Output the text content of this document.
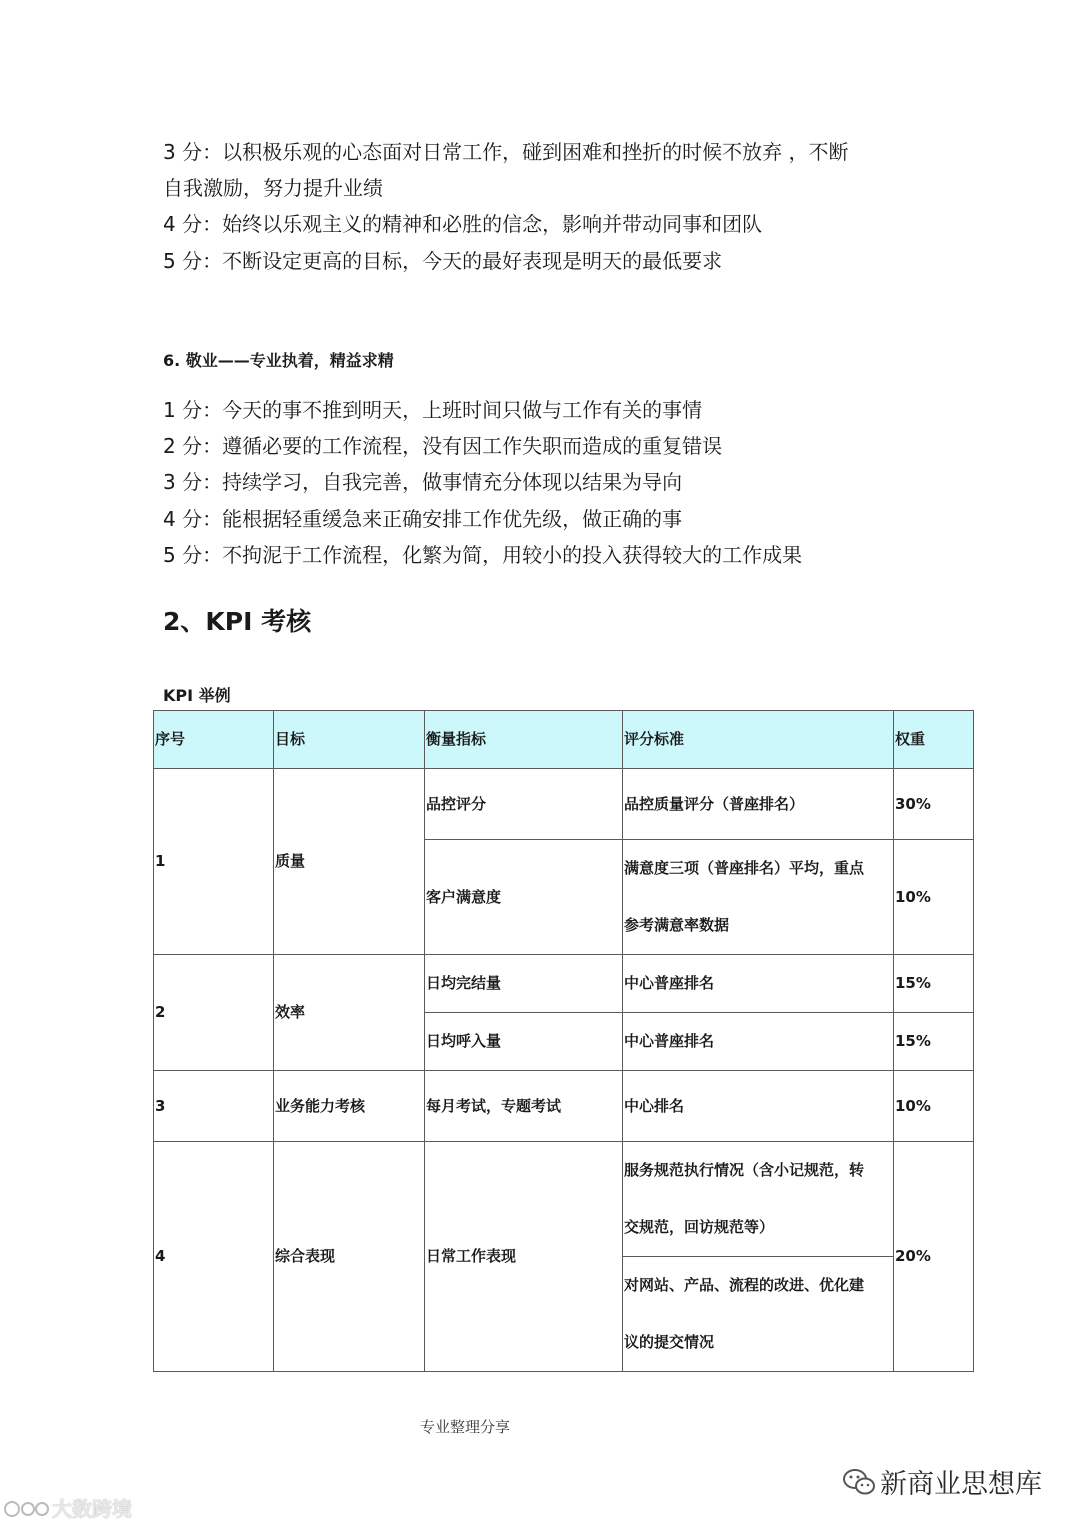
3 分：以积极乐观的心态面对日常工作，碰到困难和挫折的时候不放弃 ，不断
自我激励，努力提升业绩
4 分：始终以乐观主义的精神和必胜的信念，影响并带动同事和团队
5 分：不断设定更高的目标，今天的最好表现是明天的最低要求
6. 敬业——专业执着，精益求精
1 分：今天的事不推到明天，上班时间只做与工作有关的事情
2 分：遵循必要的工作流程，没有因工作失职而造成的重复错误
3 分：持续学习，自我完善，做事情充分体现以结果为导向
4 分：能根据轻重缓急来正确安排工作优先级，做正确的事
5 分：不拘泥于工作流程，化繁为简，用较小的投入获得较大的工作成果
2、KPI 考核
KPI 举例
序号	目标	衡量指标	评分标准	权重
1	质量	品控评分	品控质量评分（普座排名）	30%
		客户满意度	满意度三项（普座排名）平均，重点
参考满意率数据	10%
2	效率	日均完结量	中心普座排名	15%
		日均呼入量	中心普座排名	15%
3	业务能力考核	每月考试，专题考试	中心排名	10%
4	综合表现	日常工作表现	服务规范执行情况（含小记规范，转
交规范，回访规范等）	20%

			对网站、产品、流程的改进、优化建
议的提交情况	
专业整理分享
大数跨境
新商业思想库
